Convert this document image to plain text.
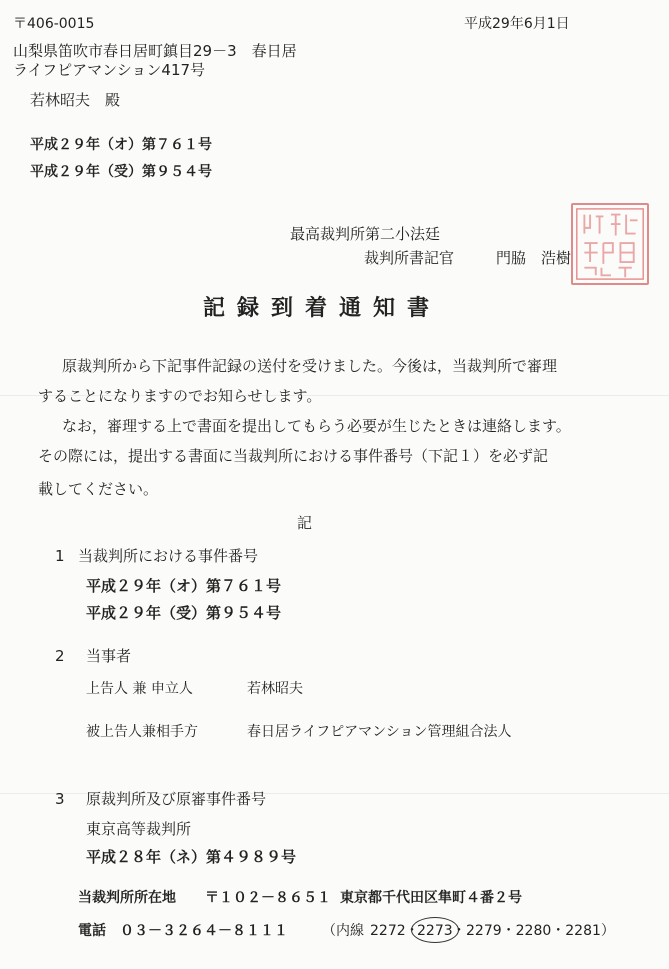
〒406-0015
山梨県笛吹市春日居町鎮目29－3　春日居
ライフピアマンション417号
若林昭夫　殿
平成29年6月1日
平成２９年（オ）第７６１号
平成２９年（受）第９５４号
最高裁判所第二小法廷
裁判所書記官	門脇　浩樹
記録到着通知書
原裁判所から下記事件記録の送付を受けました。今後は，当裁判所で審理
することになりますのでお知らせします。
なお，審理する上で書面を提出してもらう必要が生じたときは連絡します。
その際には，提出する書面に当裁判所における事件番号（下記１）を必ず記
載してください。
記
1 当裁判所における事件番号
平成２９年（オ）第７６１号
平成２９年（受）第９５４号
2 当事者
上告人 兼 申立人	若林昭夫
被上告人兼相手方	春日居ライフピアマンション管理組合法人
3 原裁判所及び原審事件番号
東京高等裁判所
平成２８年（ネ）第４９８９号
当裁判所所在地 〒１０２－８６５１ 東京都千代田区隼町４番２号
電話 ０３－３２６４－８１１１ （内線 2272 ・
2273 ・2279・2280・2281）
